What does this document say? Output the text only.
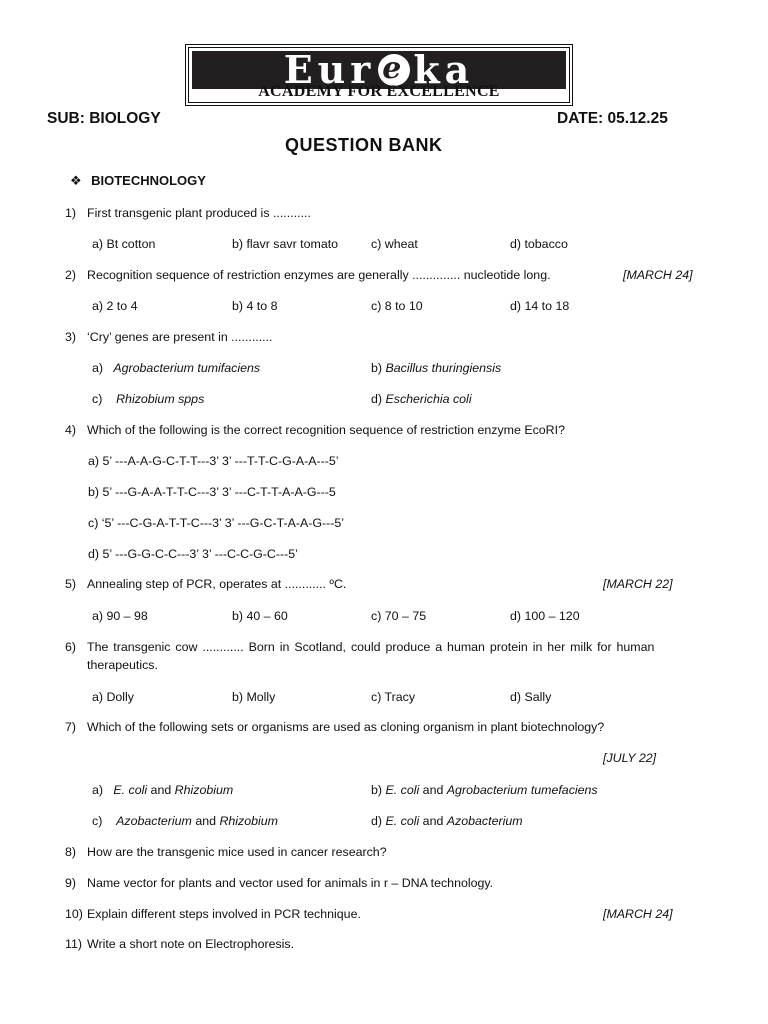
Eur e ka
ACADEMY FOR EXCELLENCE
SUB: BIOLOGY	DATE: 05.12.25
QUESTION BANK
❖ BIOTECHNOLOGY
1) First transgenic plant produced is ...........
a) Bt cotton	b) flavr savr tomato	c) wheat	d) tobacco
2) Recognition sequence of restriction enzymes are generally .............. nucleotide long.	[MARCH 24]
a) 2 to 4	b) 4 to 8	c) 8 to 10	d) 14 to 18
3) ‘Cry’ genes are present in ............
a) Agrobacterium tumifaciens	b) Bacillus thuringiensis
c) Rhizobium spps	d) Escherichia coli
4) Which of the following is the correct recognition sequence of restriction enzyme EcoRI?
a) 5’ ---A-A-G-C-T-T---3’ 3’ ---T-T-C-G-A-A---5’
b) 5’ ---G-A-A-T-T-C---3’ 3’ ---C-T-T-A-A-G---5
c) ‘5’ ---C-G-A-T-T-C---3’ 3’ ---G-C-T-A-A-G---5’
d) 5’ ---G-G-C-C---3’ 3’ ---C-C-G-C---5’
5) Annealing step of PCR, operates at ............ ºC.	[MARCH 22]
a) 90 – 98	b) 40 – 60	c) 70 – 75	d) 100 – 120
6) The transgenic cow ............ Born in Scotland, could produce a human protein in her milk for human
therapeutics.
a) Dolly	b) Molly	c) Tracy	d) Sally
7) Which of the following sets or organisms are used as cloning organism in plant biotechnology?
[JULY 22]
a) E. coli and Rhizobium	b) E. coli and Agrobacterium tumefaciens
c) Azobacterium and Rhizobium	d) E. coli and Azobacterium
8) How are the transgenic mice used in cancer research?
9) Name vector for plants and vector used for animals in r – DNA technology.
10) Explain different steps involved in PCR technique.	[MARCH 24]
11) Write a short note on Electrophoresis.
